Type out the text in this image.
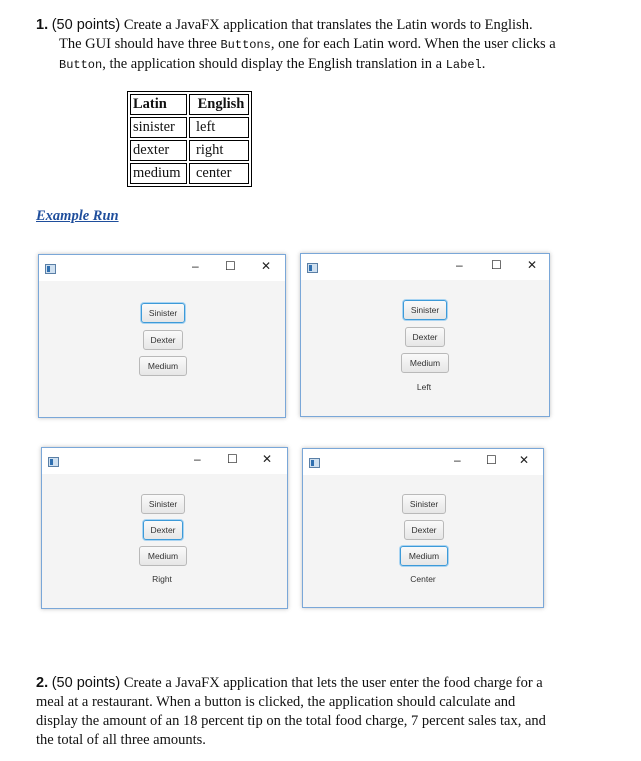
1. (50 points) Create a JavaFX application that translates the Latin words to English.
The GUI should have three Buttons, one for each Latin word. When the user clicks a
Button, the application should display the English translation in a Label.
Latin	English
sinister	left
dexter	right
medium	center
Example Run
– ☐ ✕
Sinister
Dexter
Medium
– ☐ ✕
Sinister
Dexter
Medium
Left
– ☐ ✕
Sinister
Dexter
Medium
Right
– ☐ ✕
Sinister
Dexter
Medium
Center
2. (50 points) Create a JavaFX application that lets the user enter the food charge for a
meal at a restaurant. When a button is clicked, the application should calculate and
display the amount of an 18 percent tip on the total food charge, 7 percent sales tax, and
the total of all three amounts.
